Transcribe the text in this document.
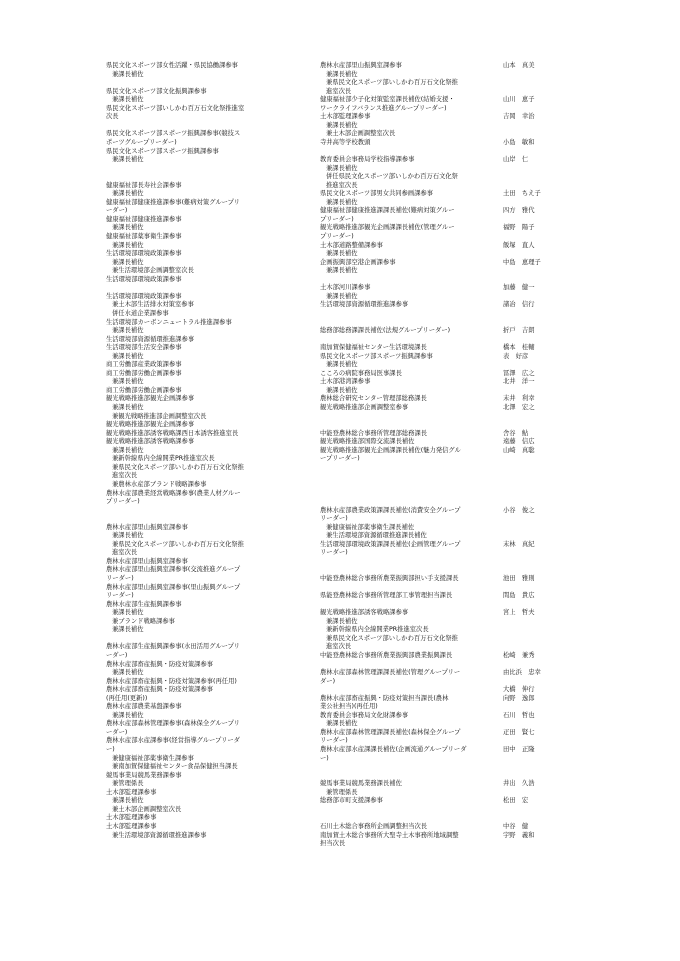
県民文化スポーツ部女性活躍・県民協働課参事
兼課長補佐
県民文化スポーツ部文化振興課参事
兼課長補佐
県民文化スポーツ部いしかわ百万石文化祭推進室
次長
県民文化スポーツ部スポーツ振興課参事(競技ス
ポーツグループリーダー)
県民文化スポーツ部スポーツ振興課参事
兼課長補佐
健康福祉部長寿社会課参事
兼課長補佐
健康福祉部健康推進課参事(難病対策グループリ
ーダー)
健康福祉部健康推進課参事
兼課長補佐
健康福祉部薬事衛生課参事
兼課長補佐
生活環境部環境政策課参事
兼課長補佐
兼生活環境部企画調整室次長
生活環境部環境政策課参事
生活環境部環境政策課参事
兼土木部生活排水対策室参事
併任水道企業課参事
生活環境部カーボンニュートラル推進課参事
兼課長補佐
生活環境部資源循環推進課参事
生活環境部生活安全課参事
兼課長補佐
商工労働部産業政策課参事
商工労働部労働企画課参事
兼課長補佐
商工労働部労働企画課参事
観光戦略推進部観光企画課参事
兼課長補佐
兼観光戦略推進部企画調整室次長
観光戦略推進部観光企画課参事
観光戦略推進部誘客戦略課西日本誘客推進室長
観光戦略推進部誘客戦略課参事
兼課長補佐
兼新幹線県内全線開業PR推進室次長
兼県民文化スポーツ部いしかわ百万石文化祭推
進室次長
兼農林水産部ブランド戦略課参事
農林水産部農業経営戦略課参事(農業人材グルー
プリーダー)
農林水産部里山振興室課参事
兼課長補佐
兼県民文化スポーツ部いしかわ百万石文化祭推
進室次長
農林水産部里山振興室課参事
農林水産部里山振興室課参事(交流推進グループ
リーダー)
農林水産部里山振興室課参事(里山振興グループ
リーダー)
農林水産部生産振興課参事
兼課長補佐
兼ブランド戦略課参事
兼課長補佐
農林水産部生産振興課参事(水田活用グループリ
ーダー)
農林水産部畜産振興・防疫対策課参事
兼課長補佐
農林水産部畜産振興・防疫対策課参事(再任用)
農林水産部畜産振興・防疫対策課参事
(再任用(更新))
農林水産部農業基盤課参事
兼課長補佐
農林水産部森林管理課参事(森林保全グループリ
ーダー)
農林水産部水産課参事(経営指導グループリーダ
ー)
兼健康福祉部薬事衛生課参事
兼南加賀保健福祉センター食品保健担当課長
競馬事業局競馬業務課参事
兼管理係長
土木部監理課参事
兼課長補佐
兼土木部企画調整室次長
土木部監理課参事
土木部監理課参事
兼生活環境部資源循環推進課参事
農林水産部里山振興室課参事
兼課長補佐
兼県民文化スポーツ部いしかわ百万石文化祭推
進室次長
健康福祉部少子化対策監室課長補佐(結婚支援・
ワークライフバランス推進グループリーダー)
土木部監理課参事
兼課長補佐
兼土木部企画調整室次長
寺井高等学校教頭
教育委員会事務局学校指導課参事
兼課長補佐
併任県民文化スポーツ部いしかわ百万石文化祭
推進室次長
県民文化スポーツ部男女共同参画課参事
兼課長補佐
健康福祉部健康推進課課長補佐(難病対策グルー
プリーダー)
観光戦略推進部観光企画課課長補佐(管理グルー
プリーダー)
土木部道路整備課参事
兼課長補佐
企画振興部空港企画課参事
兼課長補佐
土木部河川課参事
兼課長補佐
生活環境部資源循環推進課参事
総務部総務課課長補佐(法規グループリーダー)
南加賀保健福祉センター生活環境課長
県民文化スポーツ部スポーツ振興課参事
兼課長補佐
こころの病院事務局医事課長
土木部港湾課参事
兼課長補佐
農林総合研究センター管理部総務課長
観光戦略推進部企画調整室参事
中能登農林総合事務所管理部総務課長
観光戦略推進部国際交流課長補佐
観光戦略推進部観光企画課課長補佐(魅力発信グル
ープリーダー)
農林水産部農業政策課課長補佐(消費安全グループ
リーダー)
兼健康福祉部薬事衛生課長補佐
兼生活環境部資源循環推進課長補佐
生活環境部環境政策課課長補佐(企画管理グループ
リーダー)
中能登農林総合事務所農業振興部担い手支援課長
県能登農林総合事務所管理部工事管理担当課長
観光戦略推進部誘客戦略課参事
兼課長補佐
兼新幹線県内全線開業PR推進室次長
兼県民文化スポーツ部いしかわ百万石文化祭推
進室次長
中能登農林総合事務所農業振興部農業振興課長
農林水産部森林管理課課長補佐(管理グループリー
ダー)
農林水産部畜産振興・防疫対策担当課長(農林
業公社担当)(再任用)
教育委員会事務局文化財課参事
兼課長補佐
農林水産部森林管理課課長補佐(森林保全グループ
リーダー)
農林水産部水産課課長補佐(企画流通グループリーダ
ー)
競馬事業局競馬業務課長補佐
兼管理係長
総務部市町支援課参事
石川土木総合事務所企画調整担当次長
南加賀土木総合事務所大聖寺土木事務所地域調整
担当次長
山本　真美
山川　恵子
吉岡　幸治
小島　敏和
山岸　仁
土田　ちえ子
四方　雅代
福野　陽子
飯塚　直人
中島　恵理子
加藤　健一
諸冶　信行
折戸　吉朗
橋本　桂輔
表　好彦
冨澤　広之
北井　洋一
末井　利幸
北澤　宏之
舎谷　鮎
遠藤　信広
山崎　真聡
小谷　俊之
末林　真紀
池田　雅則
間島　貴広
宮上　哲夫
松崎　兼秀
由比浜　忠幸
大橋　伸行
向野　逸郎
石川　哲也
疋田　賢七
田中　正隆
井出　久浩
松田　宏
中谷　健
宇野　義和
